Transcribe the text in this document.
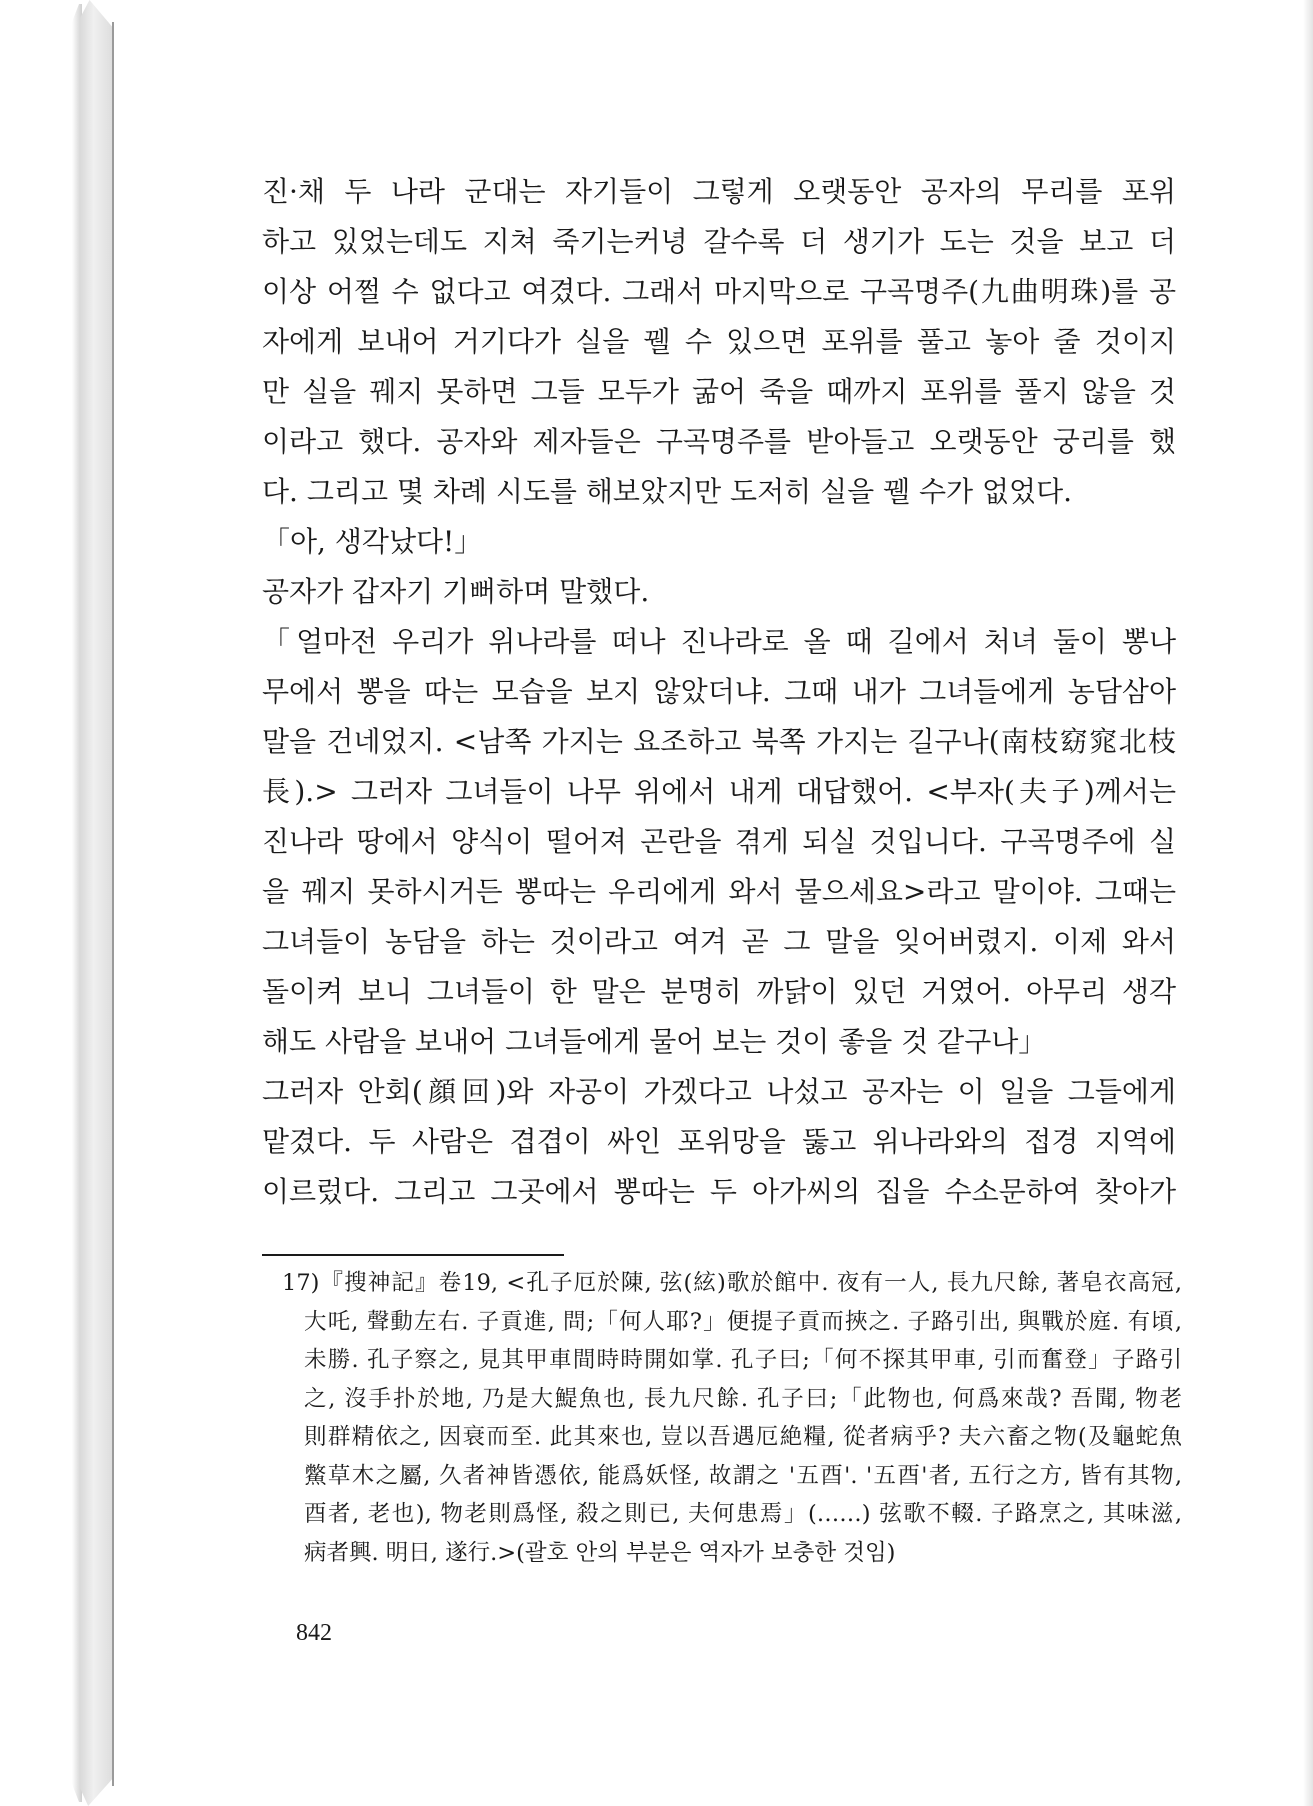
진·채 두 나라 군대는 자기들이 그렇게 오랫동안 공자의 무리를 포위
하고 있었는데도 지쳐 죽기는커녕 갈수록 더 생기가 도는 것을 보고 더
이상 어쩔 수 없다고 여겼다. 그래서 마지막으로 구곡명주(九曲明珠)를 공
자에게 보내어 거기다가 실을 꿸 수 있으면 포위를 풀고 놓아 줄 것이지
만 실을 꿰지 못하면 그들 모두가 굶어 죽을 때까지 포위를 풀지 않을 것
이라고 했다. 공자와 제자들은 구곡명주를 받아들고 오랫동안 궁리를 했
다. 그리고 몇 차례 시도를 해보았지만 도저히 실을 꿸 수가 없었다.
「아, 생각났다!」
공자가 갑자기 기뻐하며 말했다.
「얼마전 우리가 위나라를 떠나 진나라로 올 때 길에서 처녀 둘이 뽕나
무에서 뽕을 따는 모습을 보지 않았더냐. 그때 내가 그녀들에게 농담삼아
말을 건네었지. <남쪽 가지는 요조하고 북쪽 가지는 길구나(南枝窈窕北枝
長).> 그러자 그녀들이 나무 위에서 내게 대답했어. <부자(夫子)께서는
진나라 땅에서 양식이 떨어져 곤란을 겪게 되실 것입니다. 구곡명주에 실
을 꿰지 못하시거든 뽕따는 우리에게 와서 물으세요>라고 말이야. 그때는
그녀들이 농담을 하는 것이라고 여겨 곧 그 말을 잊어버렸지. 이제 와서
돌이켜 보니 그녀들이 한 말은 분명히 까닭이 있던 거였어. 아무리 생각
해도 사람을 보내어 그녀들에게 물어 보는 것이 좋을 것 같구나」
그러자 안회(顔回)와 자공이 가겠다고 나섰고 공자는 이 일을 그들에게
맡겼다. 두 사람은 겹겹이 싸인 포위망을 뚫고 위나라와의 접경 지역에
이르렀다. 그리고 그곳에서 뽕따는 두 아가씨의 집을 수소문하여 찾아가
17)『搜神記』卷19, <孔子厄於陳, 弦(絃)歌於館中. 夜有一人, 長九尺餘, 著皂衣高冠,
大吒, 聲動左右. 子貢進, 問;「何人耶?」便提子貢而挾之. 子路引出, 與戰於庭. 有頃,
未勝. 孔子察之, 見其甲車間時時開如掌. 孔子曰;「何不探其甲車, 引而奮登」子路引
之, 沒手扑於地, 乃是大鯷魚也, 長九尺餘. 孔子曰;「此物也, 何爲來哉? 吾聞, 物老
則群精依之, 因衰而至. 此其來也, 豈以吾遇厄絶糧, 從者病乎? 夫六畜之物(及龜蛇魚
鱉草木之屬, 久者神皆憑依, 能爲妖怪, 故謂之 '五酉'. '五酉'者, 五行之方, 皆有其物,
酉者, 老也), 物老則爲怪, 殺之則已, 夫何患焉」(……) 弦歌不輟. 子路烹之, 其味滋,
病者興. 明日, 遂行.>(괄호 안의 부분은 역자가 보충한 것임)
842
